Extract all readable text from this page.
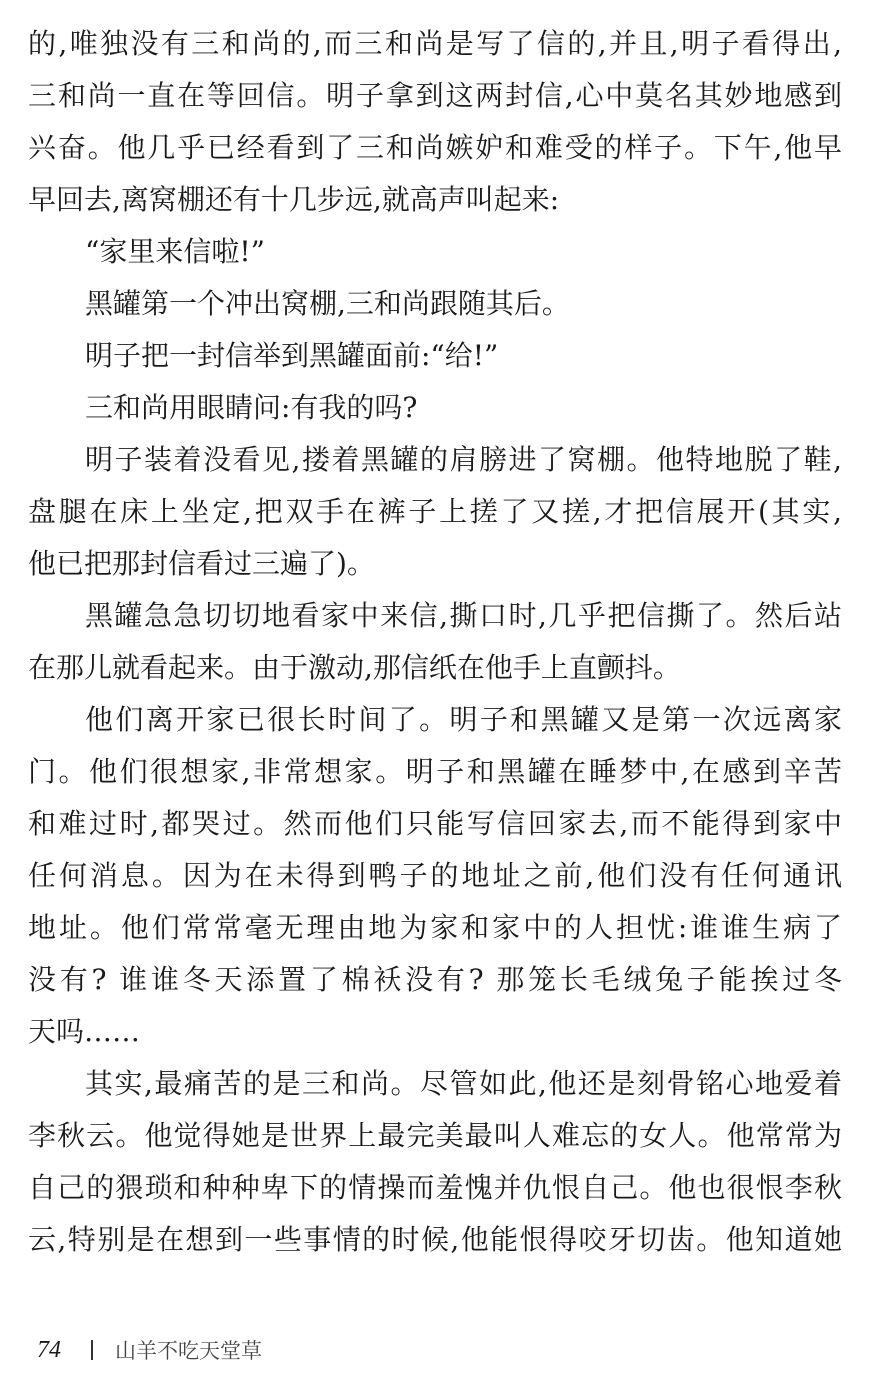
的,唯独没有三和尚的,而三和尚是写了信的,并且,明子看得出,
三和尚一直在等回信。明子拿到这两封信,心中莫名其妙地感到
兴奋。他几乎已经看到了三和尚嫉妒和难受的样子。下午,他早
早回去,离窝棚还有十几步远,就高声叫起来:
“家里来信啦!”
黑罐第一个冲出窝棚,三和尚跟随其后。
明子把一封信举到黑罐面前:“给!”
三和尚用眼睛问:有我的吗?
明子装着没看见,搂着黑罐的肩膀进了窝棚。他特地脱了鞋,
盘腿在床上坐定,把双手在裤子上搓了又搓,才把信展开(其实,
他已把那封信看过三遍了)。
黑罐急急切切地看家中来信,撕口时,几乎把信撕了。然后站
在那儿就看起来。由于激动,那信纸在他手上直颤抖。
他们离开家已很长时间了。明子和黑罐又是第一次远离家
门。他们很想家,非常想家。明子和黑罐在睡梦中,在感到辛苦
和难过时,都哭过。然而他们只能写信回家去,而不能得到家中
任何消息。因为在未得到鸭子的地址之前,他们没有任何通讯
地址。他们常常毫无理由地为家和家中的人担忧:谁谁生病了
没有? 谁谁冬天添置了棉袄没有? 那笼长毛绒兔子能挨过冬
天吗……
其实,最痛苦的是三和尚。尽管如此,他还是刻骨铭心地爱着
李秋云。他觉得她是世界上最完美最叫人难忘的女人。他常常为
自己的猥琐和种种卑下的情操而羞愧并仇恨自己。他也很恨李秋
云,特别是在想到一些事情的时候,他能恨得咬牙切齿。他知道她
74	山羊不吃天堂草
